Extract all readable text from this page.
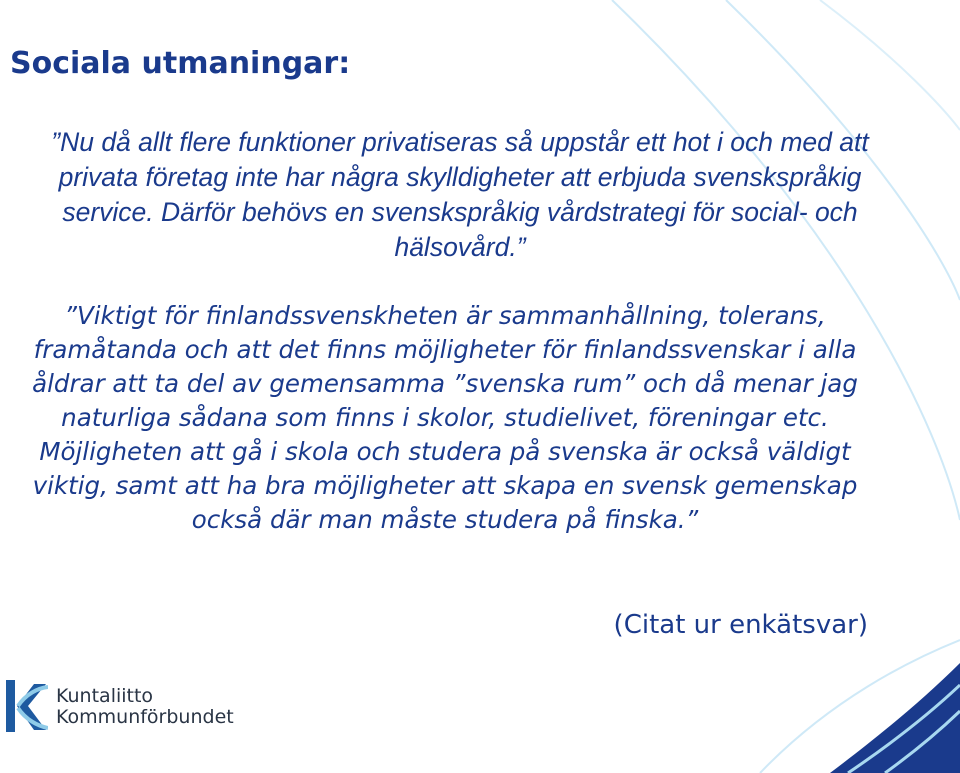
Sociala utmaningar:

”Nu då allt flere funktioner privatiseras så uppstår ett hot i och med att privata företag inte har några skylldigheter att erbjuda svenskspråkig service. Därför behövs en svenskspråkig vårdstrategi för social- och hälsovård.”

”Viktigt för finlandssvenskheten är sammanhållning, tolerans, framåtanda och att det finns möjligheter för finlandssvenskar i alla åldrar att ta del av gemensamma ”svenska rum” och då menar jag naturliga sådana som finns i skolor, studielivet, föreningar etc. Möjligheten att gå i skola och studera på svenska är också väldigt viktig, samt att ha bra möjligheter att skapa en svensk gemenskap också där man måste studera på finska.”

(Citat ur enkätsvar)

Kuntaliitto
Kommunförbundet
